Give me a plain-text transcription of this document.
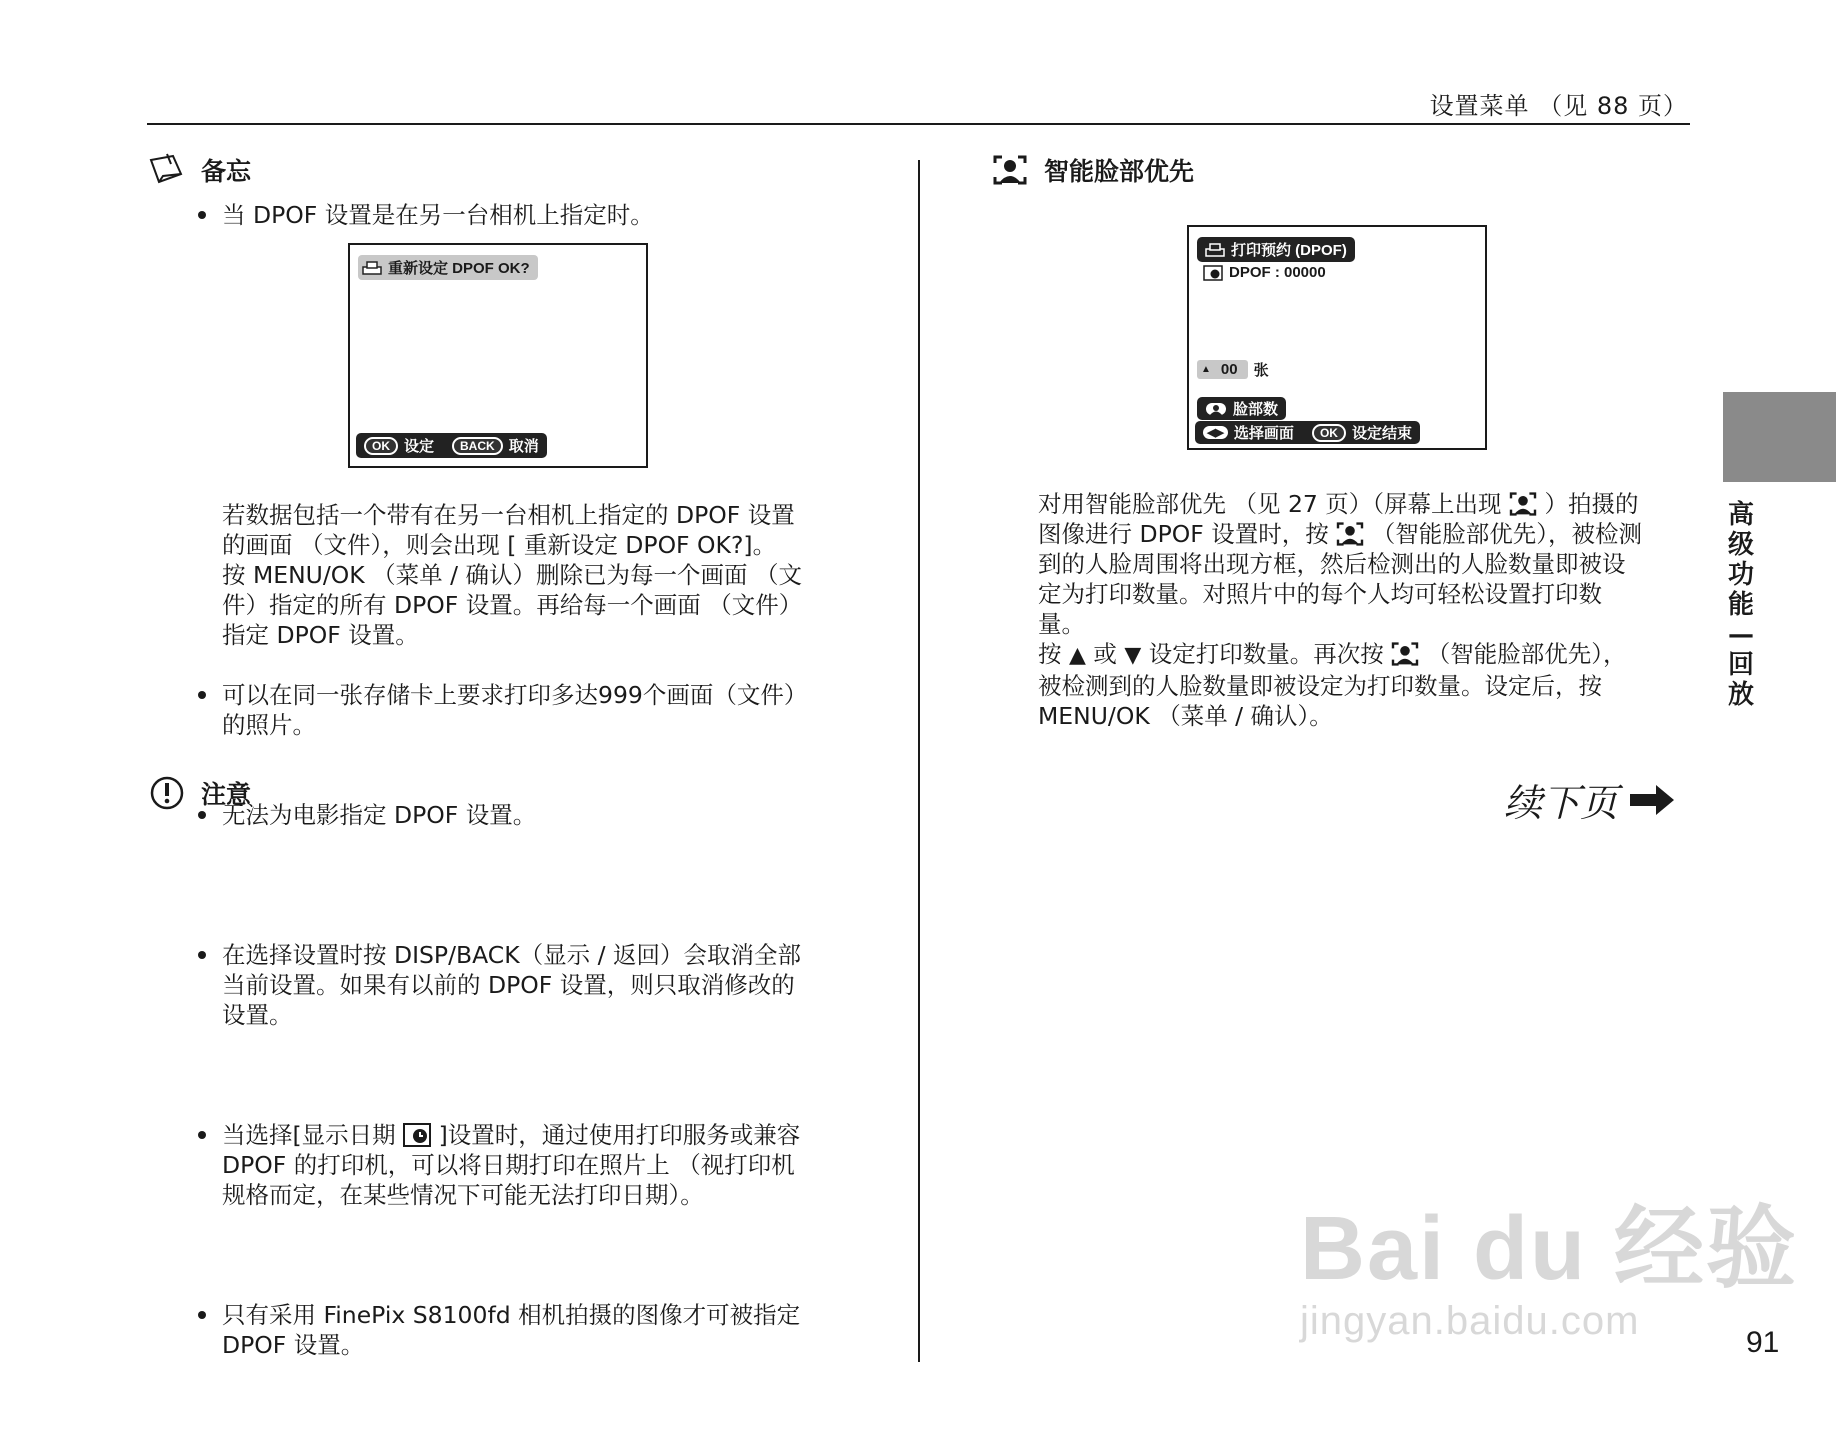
设置菜单 （见 88 页）
备忘
当 DPOF 设置是在另一台相机上指定时。
重新设定 DPOF OK?
OK 设定	BACK 取消
若数据包括一个带有在另一台相机上指定的 DPOF 设置
的画面 （文件），则会出现 [ 重新设定 DPOF OK?]。
按 MENU/OK （菜单 / 确认）删除已为每一个画面 （文
件）指定的所有 DPOF 设置。再给每一个画面 （文件）
指定 DPOF 设置。
可以在同一张存储卡上要求打印多达999个画面（文件）
的照片。
无法为电影指定 DPOF 设置。
注意
在选择设置时按 DISP/BACK（显示 / 返回）会取消全部
当前设置。如果有以前的 DPOF 设置，则只取消修改的
设置。
当选择[显示日期 ]设置时，通过使用打印服务或兼容
DPOF 的打印机，可以将日期打印在照片上 （视打印机
规格而定，在某些情况下可能无法打印日期）。
只有采用 FinePix S8100fd 相机拍摄的图像才可被指定
DPOF 设置。
智能脸部优先
打印预约 (DPOF)
DPOF : 00000
▲ 00 张
脸部数
◀▶ 选择画面	OK 设定结束
对用智能脸部优先 （见 27 页）（屏幕上出现 ）拍摄的
图像进行 DPOF 设置时，按 （智能脸部优先），被检测
到的人脸周围将出现方框，然后检测出的人脸数量即被设
定为打印数量。对照片中的每个人均可轻松设置打印数
量。
按 ▲ 或 ▼ 设定打印数量。再次按 （智能脸部优先），
被检测到的人脸数量即被设定为打印数量。设定后，按
MENU/OK （菜单 / 确认）。
续下页
高
级
功
能
—
回
放
Bai du 经验
jingyan.baidu.com	91
